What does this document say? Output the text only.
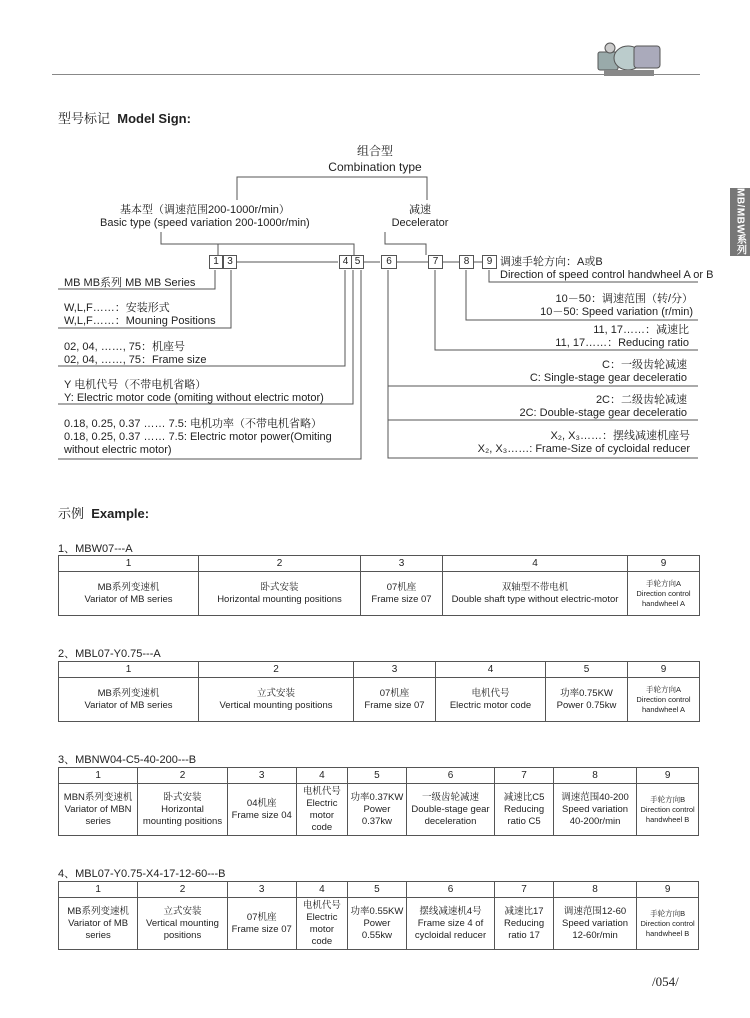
MB/MBW系列
型号标记 Model Sign:
组合型
Combination type
基本型（调速范围200-1000r/min）
Basic type (speed variation 200-1000r/min)
减速
Decelerator
1 3	4 5	6	7	8	9
MB MB系列 MB MB Series
W,L,F……：安装形式
W,L,F……：Mouning Positions
02, 04, ……, 75：机座号
02, 04, ……, 75：Frame size
Y 电机代号（不带电机省略）
Y: Electric motor code (omiting without electric motor)
0.18, 0.25, 0.37 …… 7.5: 电机功率（不带电机省略）
0.18, 0.25, 0.37 …… 7.5: Electric motor power(Omiting
without electric motor)
调速手轮方向：A或B
Direction of speed control handwheel A or B
10－50：调速范围（转/分）
10－50: Speed variation (r/min)
11, 17……：减速比
11, 17……：Reducing ratio
C：一级齿轮减速
C: Single-stage gear deceleratio
2C：二级齿轮减速
2C: Double-stage gear deceleratio
X₂, X₃……：摆线减速机座号
X₂, X₃……: Frame-Size of cycloidal reducer
示例 Example:
1、MBW07---A
1	2	3	4	9
MB系列变速机
Variator of MB series	卧式安装
Horizontal mounting positions	07机座
Frame size 07	双轴型不带电机
Double shaft type without electric-motor	手轮方向A
Direction control
handwheel A
2、MBL07-Y0.75---A
1	2	3	4	5	9
MB系列变速机
Variator of MB series	立式安装
Vertical mounting positions	07机座
Frame size 07	电机代号
Electric motor code	功率0.75KW
Power 0.75kw	手轮方向A
Direction control
handwheel A
3、MBNW04-C5-40-200---B
1	2	3	4	5	6	7	8	9
MBN系列变速机
Variator of MBN
series	卧式安装
Horizontal
mounting positions	04机座
Frame size 04	电机代号
Electric
motor code	功率0.37KW
Power 0.37kw	一级齿轮减速
Double-stage gear
deceleration	减速比C5
Reducing
ratio C5	调速范围40-200
Speed variation
40-200r/min	手轮方向B
Direction control
handwheel B
4、MBL07-Y0.75-X4-17-12-60---B
1	2	3	4	5	6	7	8	9
MB系列变速机
Variator of MB
series	立式安装
Vertical mounting
positions	07机座
Frame size 07	电机代号
Electric
motor code	功率0.55KW
Power 0.55kw	摆线减速机4号
Frame size 4 of
cycloidal reducer	减速比17
Reducing
ratio 17	调速范围12-60
Speed variation
12-60r/min	手轮方向B
Direction control
handwheel B
/054/
